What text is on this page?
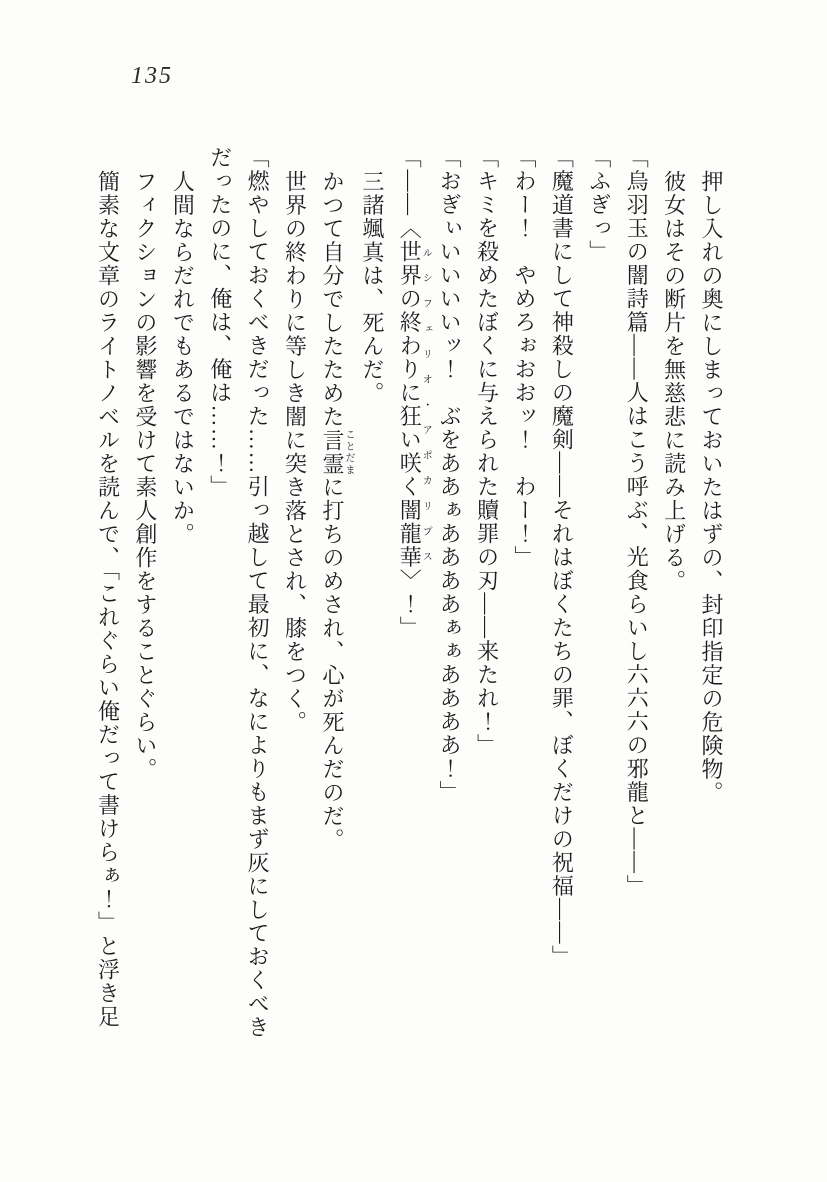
135

押し入れの奥にしまっておいたはずの、封印指定の危険物。

彼女はその断片を無慈悲に読み上げる。

「烏羽玉の闇詩篇――人はこう呼ぶ、光食らいし六六六の邪龍と――」

「ふぎっ」

「魔道書にして神殺しの魔剣――それはぼくたちの罪、ぼくだけの祝福――」

「わー！　やめろぉおおッ！　わー！」

「キミを殺めたぼくに与えられた贖罪の刃――来たれ！」

「おぎぃいいいいッ！　ぶをああぁああああぁぁああああ！」

「――〈世界の終わりに狂い咲く闇龍華ルシフェリオ・アポカリプス〉！」

三諸颯真は、死んだ。

かつて自分でしたためた言霊ことだまに打ちのめされ、心が死んだのだ。

世界の終わりに等しき闇に突き落とされ、膝をつく。

「燃やしておくべきだった……引っ越して最初に、なによりもまず灰にしておくべき

だったのに、俺は、俺は……！」

人間ならだれでもあるではないか。

フィクションの影響を受けて素人創作をすることぐらい。

簡素な文章のライトノベルを読んで、「これぐらい俺だって書けらぁ！」と浮き足
